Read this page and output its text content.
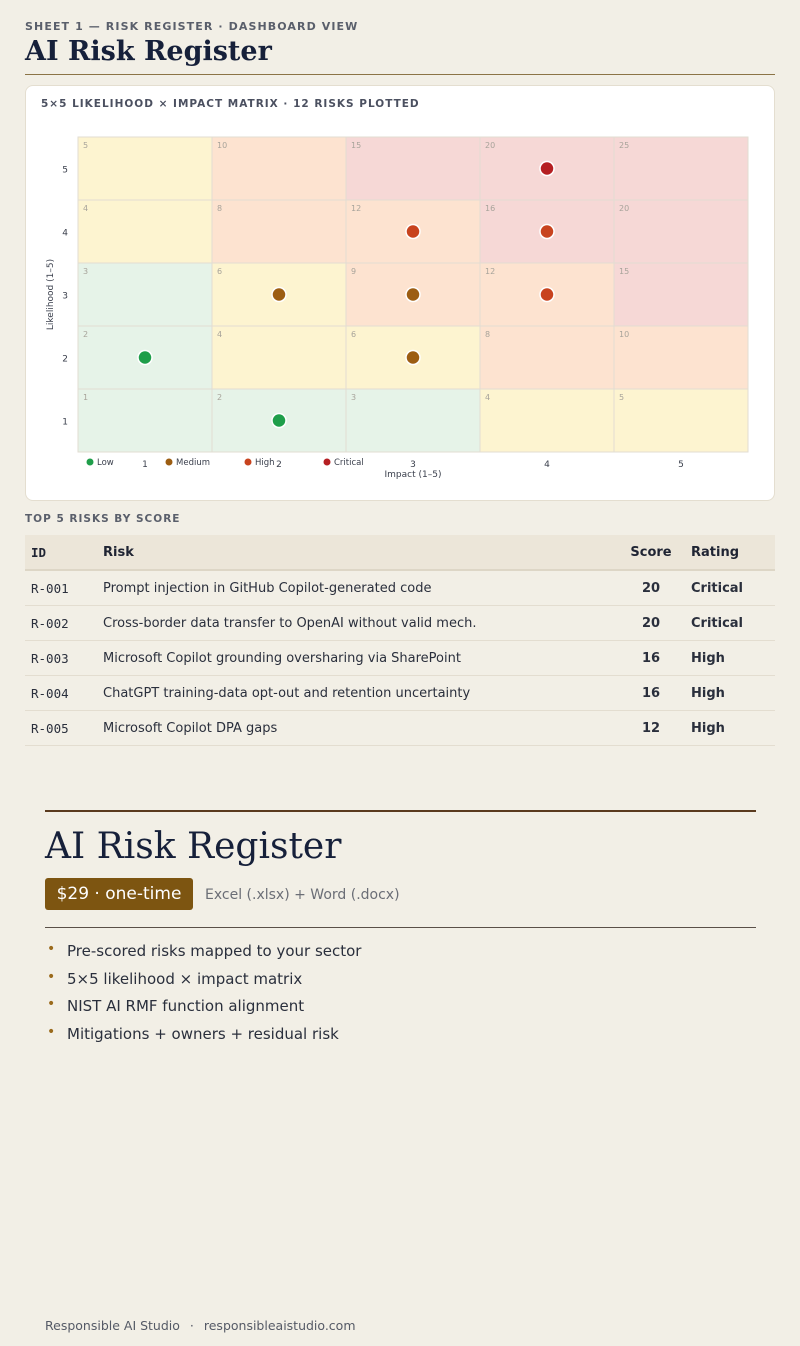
SHEET 1 — RISK REGISTER · DASHBOARD VIEW
AI Risk Register
5	10	15	20	25
4	8	12	16	20
3	6	9	12	15
2	4	6	8	10
1	2	3	4	5
1
2
3
4
5
1	2	3	4	5
Likelihood (1–5)
Impact (1–5)
Low	Medium	High	Critical
5×5 LIKELIHOOD × IMPACT MATRIX · 12 RISKS PLOTTED
TOP 5 RISKS BY SCORE
ID	Risk	Score	Rating
R-001	Prompt injection in GitHub Copilot-generated code	20	Critical
R-002	Cross-border data transfer to OpenAI without valid mech.	20	Critical
R-003	Microsoft Copilot grounding oversharing via SharePoint	16	High
R-004	ChatGPT training-data opt-out and retention uncertainty	16	High
R-005	Microsoft Copilot DPA gaps	12	High
AI Risk Register
$29 · one-time	Excel (.xlsx) + Word (.docx)
• Pre-scored risks mapped to your sector
• 5×5 likelihood × impact matrix
• NIST AI RMF function alignment
• Mitigations + owners + residual risk
Responsible AI Studio · responsibleaistudio.com
